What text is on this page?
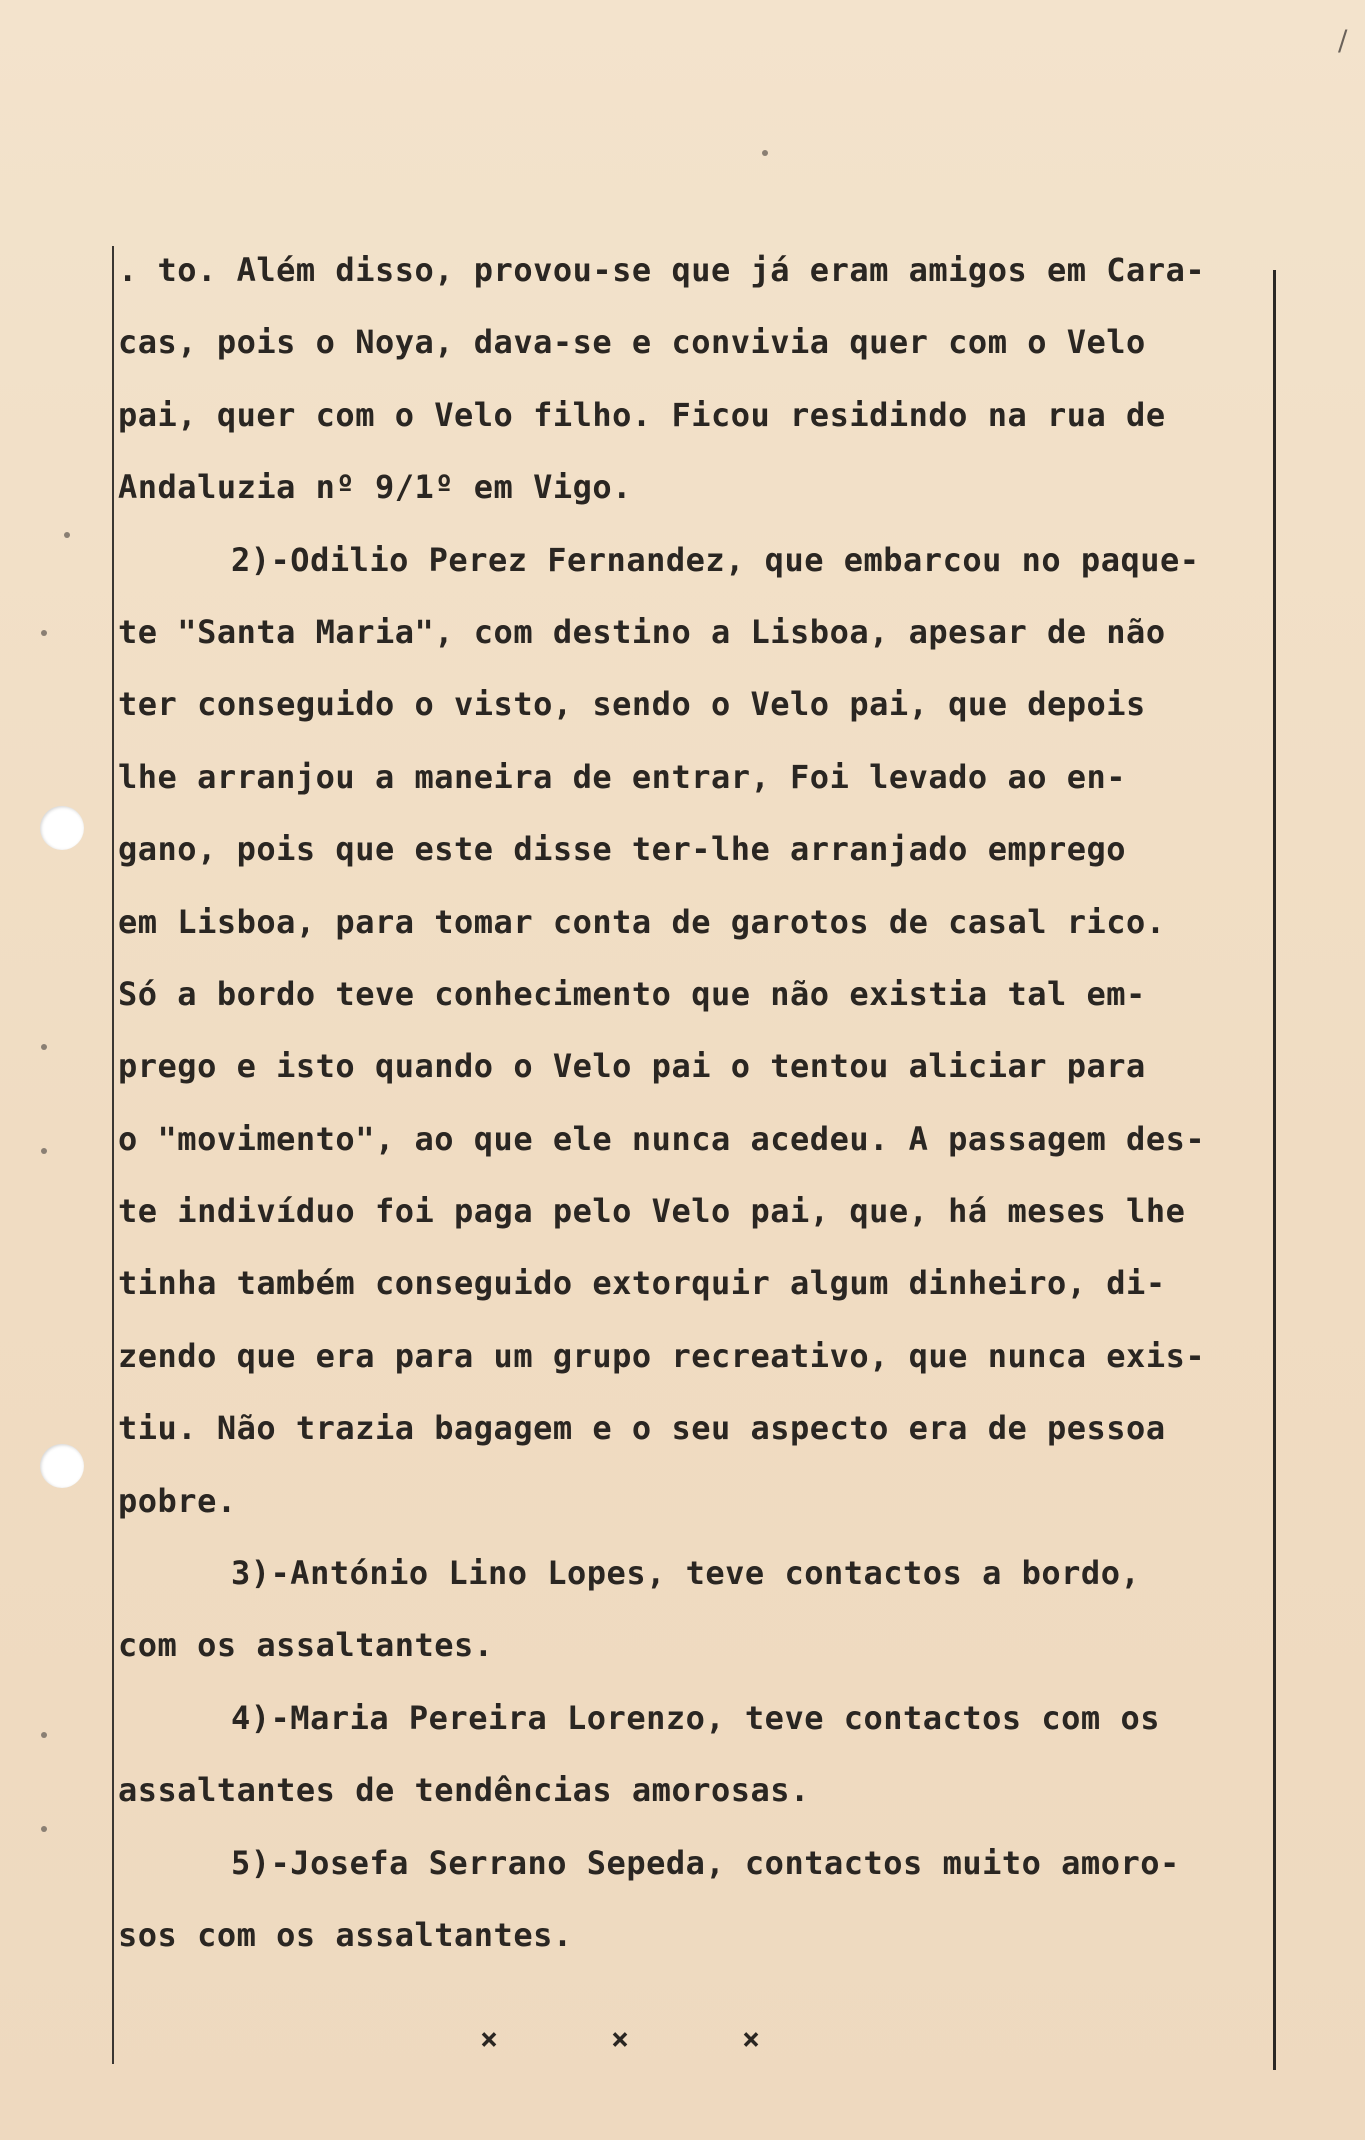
/
. to. Além disso, provou-se que já eram amigos em Cara-
cas, pois o Noya, dava-se e convivia quer com o Velo
pai, quer com o Velo filho. Ficou residindo na rua de
Andaluzia nº 9/1º em Vigo.
2)-Odilio Perez Fernandez, que embarcou no paque-
te "Santa Maria", com destino a Lisboa, apesar de não
ter conseguido o visto, sendo o Velo pai, que depois
lhe arranjou a maneira de entrar, Foi levado ao en-
gano, pois que este disse ter-lhe arranjado emprego
em Lisboa, para tomar conta de garotos de casal rico.
Só a bordo teve conhecimento que não existia tal em-
prego e isto quando o Velo pai o tentou aliciar para
o "movimento", ao que ele nunca acedeu. A passagem des-
te indivíduo foi paga pelo Velo pai, que, há meses lhe
tinha também conseguido extorquir algum dinheiro, di-
zendo que era para um grupo recreativo, que nunca exis-
tiu. Não trazia bagagem e o seu aspecto era de pessoa
pobre.
3)-António Lino Lopes, teve contactos a bordo,
com os assaltantes.
4)-Maria Pereira Lorenzo, teve contactos com os
assaltantes de tendências amorosas.
5)-Josefa Serrano Sepeda, contactos muito amoro-
sos com os assaltantes.
×	×	×
